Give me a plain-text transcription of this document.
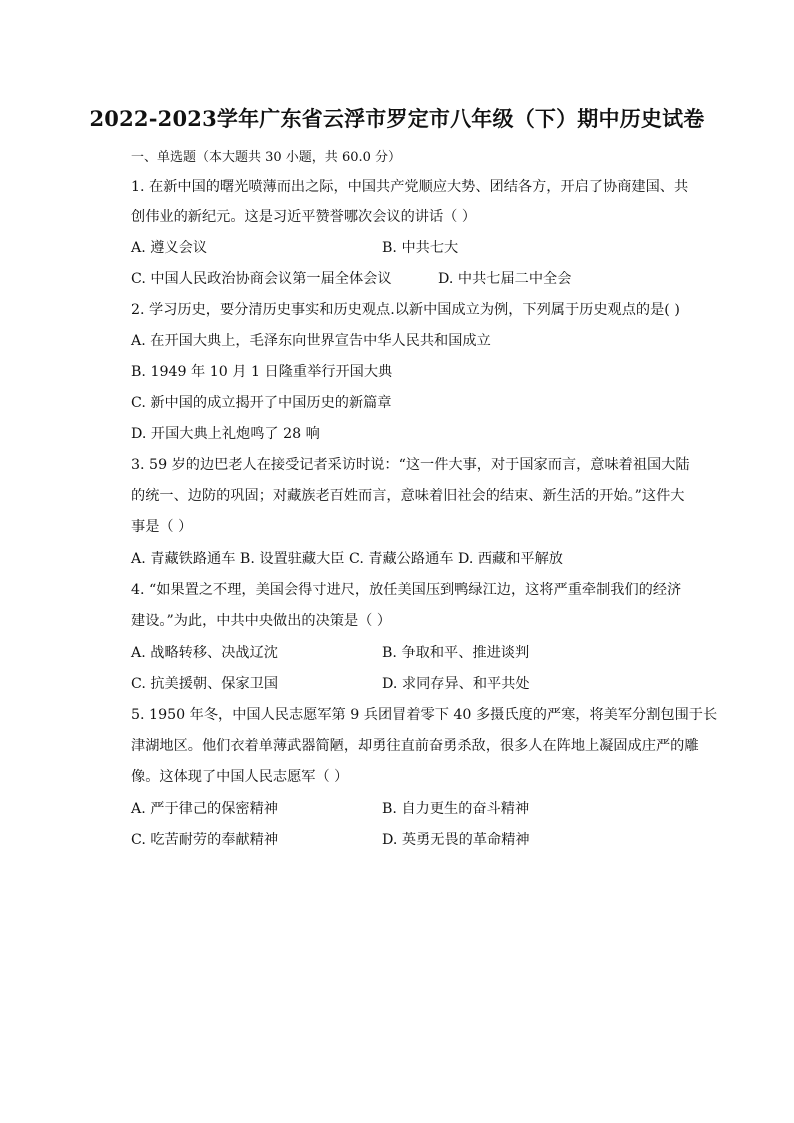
2022-2023学年广东省云浮市罗定市八年级（下）期中历史试卷
一、单选题（本大题共 30 小题，共 60.0 分）
1. 在新中国的曙光喷薄而出之际，中国共产党顺应大势、团结各方，开启了协商建国、共
创伟业的新纪元。这是习近平赞誉哪次会议的讲话（ ）
A. 遵义会议	B. 中共七大
C. 中国人民政治协商会议第一届全体会议	D. 中共七届二中全会
2. 学习历史，要分清历史事实和历史观点.以新中国成立为例，下列属于历史观点的是( )
A. 在开国大典上，毛泽东向世界宣告中华人民共和国成立
B. 1949 年 10 月 1 日隆重举行开国大典
C. 新中国的成立揭开了中国历史的新篇章
D. 开国大典上礼炮鸣了 28 响
3. 59 岁的边巴老人在接受记者采访时说：“这一件大事，对于国家而言，意味着祖国大陆
的统一、边防的巩固；对藏族老百姓而言，意味着旧社会的结束、新生活的开始。”这件大
事是（ ）
A. 青藏铁路通车 B. 设置驻藏大臣 C. 青藏公路通车 D. 西藏和平解放
4. “如果置之不理，美国会得寸进尺，放任美国压到鸭绿江边，这将严重牵制我们的经济
建设。”为此，中共中央做出的决策是（ ）
A. 战略转移、决战辽沈	B. 争取和平、推进谈判
C. 抗美援朝、保家卫国	D. 求同存异、和平共处
5. 1950 年冬，中国人民志愿军第 9 兵团冒着零下 40 多摄氏度的严寒，将美军分割包围于长
津湖地区。他们衣着单薄武器简陋，却勇往直前奋勇杀敌，很多人在阵地上凝固成庄严的雕
像。这体现了中国人民志愿军（ ）
A. 严于律己的保密精神	B. 自力更生的奋斗精神
C. 吃苦耐劳的奉献精神	D. 英勇无畏的革命精神
